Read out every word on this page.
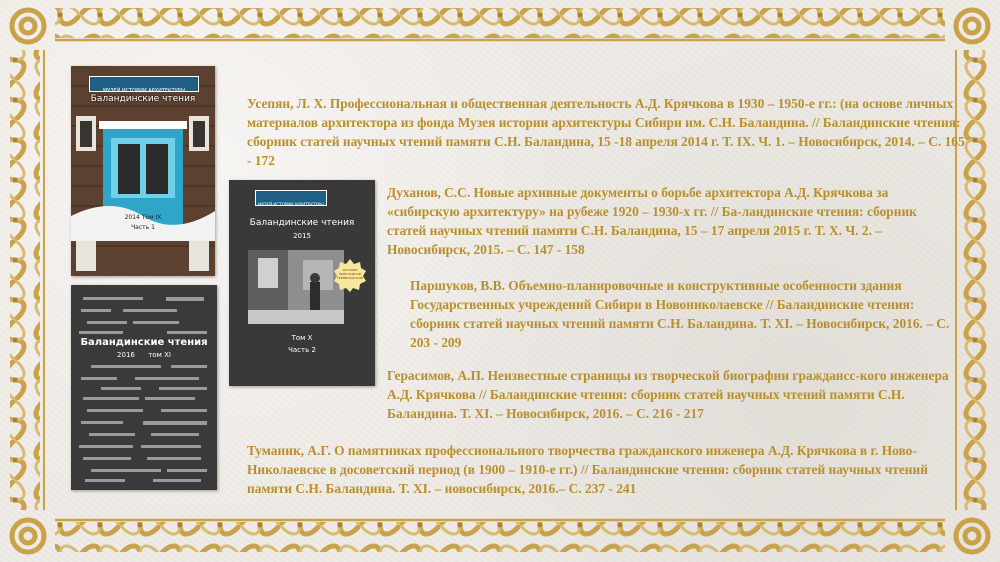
МУЗЕЙ ИСТОРИИ АРХИТЕКТУРЫ
Баландинские чтения
2014 Том IX
Часть 1
МУЗЕЙ ИСТОРИИ АРХИТЕКТУРЫ
Баландинские чтения
2015
ИСТОРИЯ ПРИКЛАДНОЙ ТЕРМИНОЛОГИИ
Том X
Часть 2
Баландинские чтения
2016      том XI

Усепян, Л. Х. Профессиональная и общественная деятельность А.Д. Крячкова в 1930 – 1950-е гг.: (на основе личных материалов архитектора из фонда Музея истории архитектуры Сибири им. С.Н. Баландина. // Баландинские чтения: сборник статей научных чтений памяти С.Н. Баландина, 15 -18 апреля 2014 г. Т. IX. Ч. 1. – Новосибирск, 2014. – С. 165 - 172

Духанов, С.С. Новые архивные документы о борьбе архитектора А.Д. Крячкова за «сибирскую архитектуру» на рубеже 1920 – 1930-х гг. // Ба-ландинские чтения: сборник статей научных чтений памяти С.Н. Баландина, 15 – 17 апреля 2015 г. Т. Х. Ч. 2. – Новосибирск, 2015. – С. 147 - 158

Паршуков, В.В. Объемно-планировочные и конструктивные особенности здания Государственных учреждений Сибири в Новониколаевске // Баландинские чтения: сборник статей научных чтений памяти С.Н. Баландина. Т. XI. – Новосибирск, 2016. – С. 203 - 209

Герасимов, А.П. Неизвестные страницы из творческой биографии граждансс-кого инженера А.Д. Крячкова // Баландинские чтения: сборник статей научных чтений памяти С.Н. Баландина. Т. XI. – Новосибирск, 2016. – С. 216 - 217

Туманик, А.Г. О памятниках профессионального творчества гражданского инженера А.Д. Крячкова в г. Ново-Николаевске в досоветский период (в 1900 – 1910-е гг.) // Баландинские чтения: сборник статей научных чтений памяти С.Н. Баландина. Т. XI. – новосибирск, 2016.– С. 237 - 241
